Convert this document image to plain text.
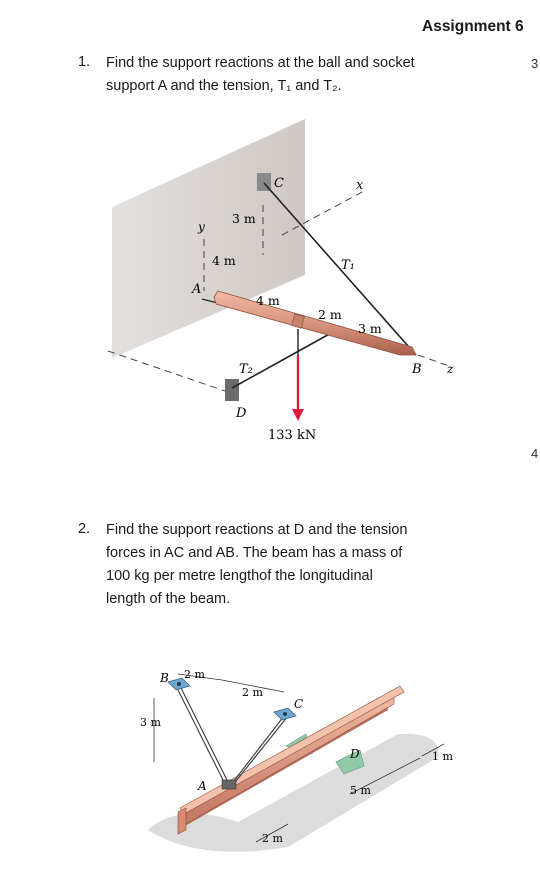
Assignment 6
3
4
1. Find the support reactions at the ball and socket
support A and the tension, T₁ and T₂.
C	x
y
3 m
4 m	T₁
A
4 m
2 m
3 m
B z
T₂
D
133 kN
2. Find the support reactions at D and the tension
forces in AC and AB. The beam has a mass of
100 kg per metre lengthof the longitudinal
length of the beam.
B 2 m
2 m
C
3 m
A
D
5 m
1 m
2 m
